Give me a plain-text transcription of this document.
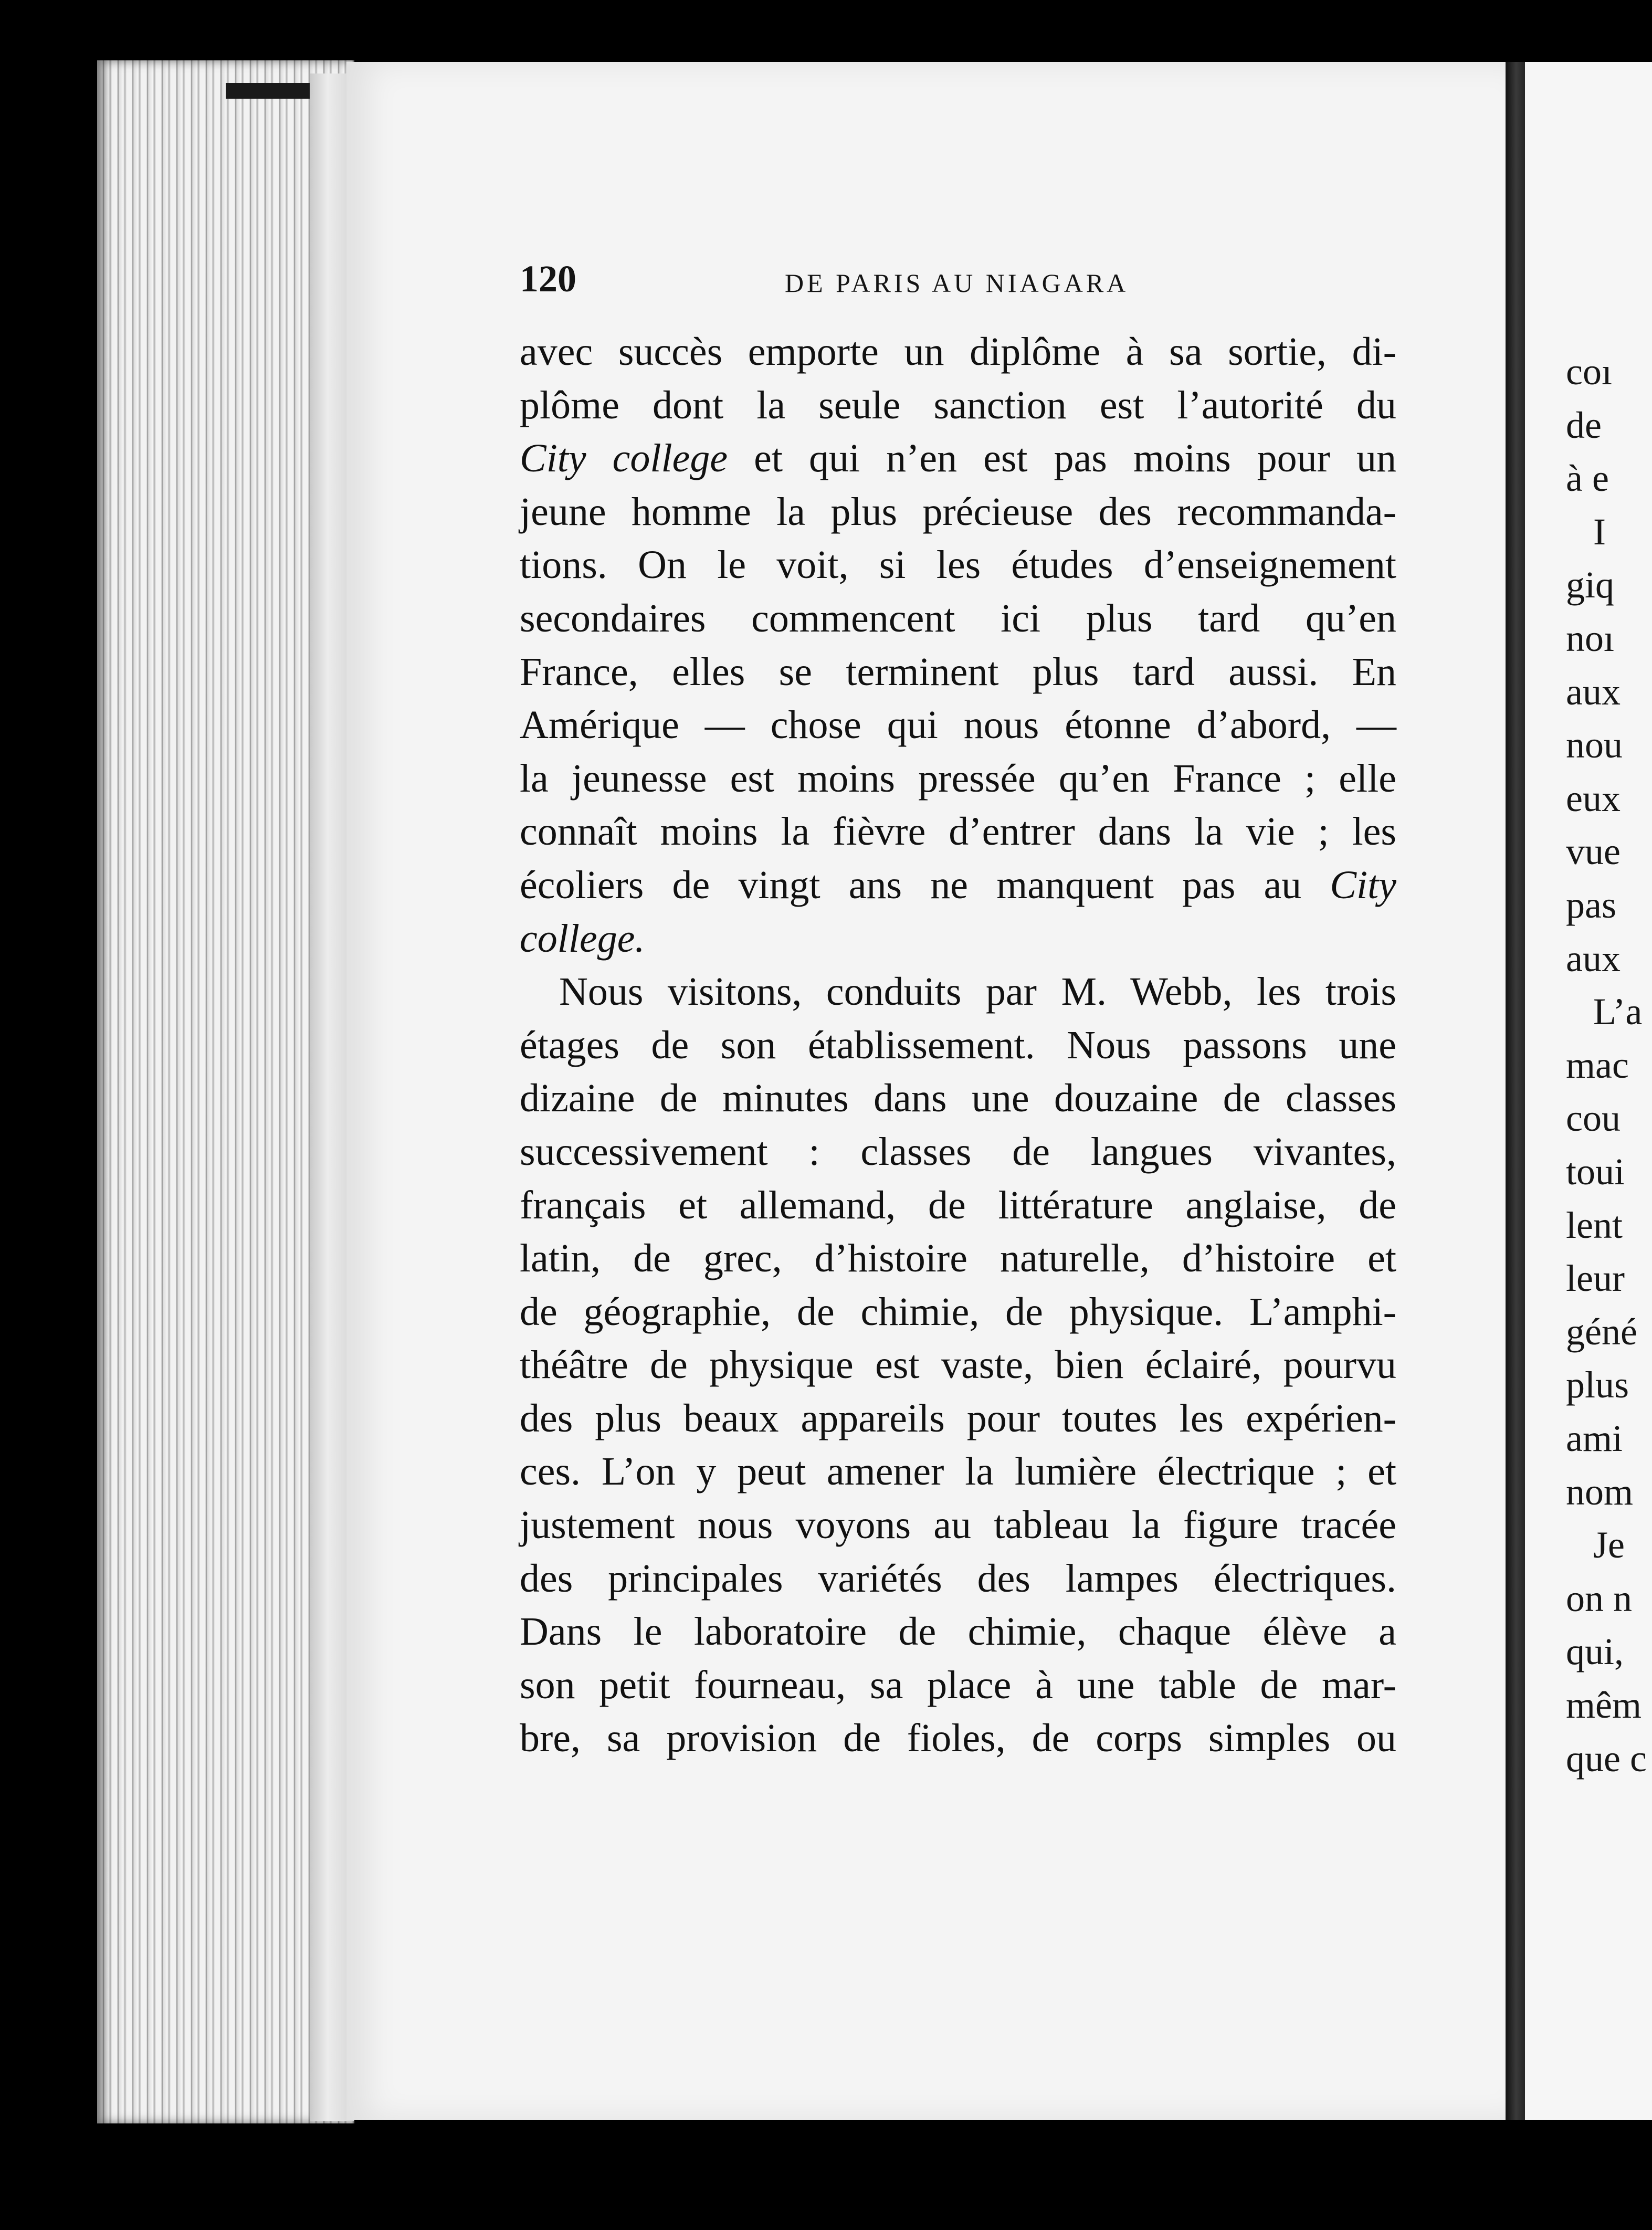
coı
de
à e
I
giq
noı
aux
nou
eux
vue
pas
aux
L’a
mac
cou
toui
lent
leur
géné
plus
ami
nom
Je
on n
qui,
mêm
que c
120	DE PARIS AU NIAGARA
avec succès emporte un diplôme à sa sortie, di-
plôme dont la seule sanction est l’autorité du
City college et qui n’en est pas moins pour un
jeune homme la plus précieuse des recommanda-
tions. On le voit, si les études d’enseignement
secondaires commencent ici plus tard qu’en
France, elles se terminent plus tard aussi. En
Amérique — chose qui nous étonne d’abord, —
la jeunesse est moins pressée qu’en France ; elle
connaît moins la fièvre d’entrer dans la vie ; les
écoliers de vingt ans ne manquent pas au City
college.
Nous visitons, conduits par M. Webb, les trois
étages de son établissement. Nous passons une
dizaine de minutes dans une douzaine de classes
successivement : classes de langues vivantes,
français et allemand, de littérature anglaise, de
latin, de grec, d’histoire naturelle, d’histoire et
de géographie, de chimie, de physique. L’amphi-
théâtre de physique est vaste, bien éclairé, pourvu
des plus beaux appareils pour toutes les expérien-
ces. L’on y peut amener la lumière électrique ; et
justement nous voyons au tableau la figure tracée
des principales variétés des lampes électriques.
Dans le laboratoire de chimie, chaque élève a
son petit fourneau, sa place à une table de mar-
bre, sa provision de fioles, de corps simples ou
